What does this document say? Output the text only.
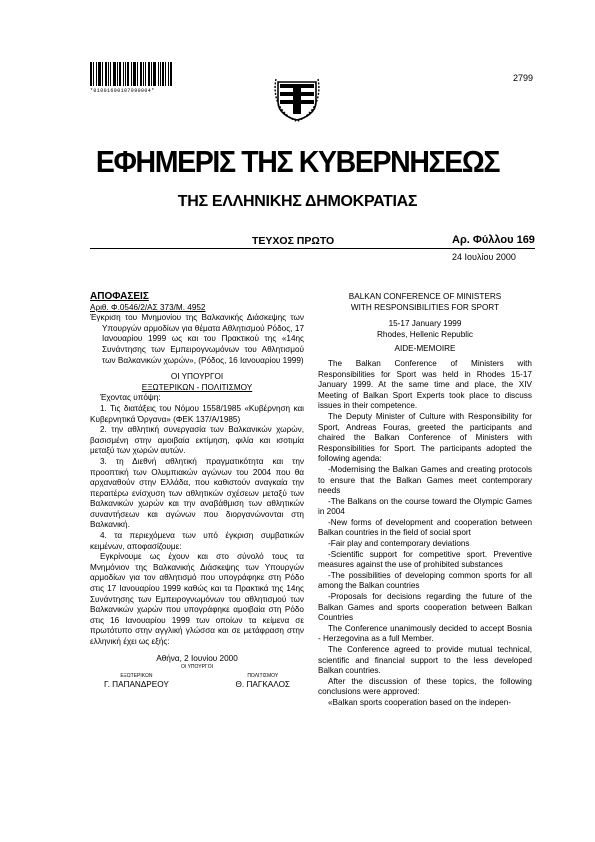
*01001690107990004*
2799
ΕΦΗΜΕΡΙΣ ΤΗΣ ΚΥΒΕΡΝΗΣΕΩΣ
ΤΗΣ ΕΛΛΗΝΙΚΗΣ ΔΗΜΟΚΡΑΤΙΑΣ
ΤΕΥΧΟΣ ΠΡΩΤΟ	Αρ. Φύλλου 169
24 Ιουλίου 2000

ΑΠΟΦΑΣΕΙΣ

Αριθ. Φ.0546/2/ΑΣ 373/Μ. 4952

Έγκριση του Μνημονίου της Βαλκανικής Διάσκεψης των Υπουργών αρμοδίων για θέματα Αθλητισμού Ρόδος, 17 Ιανουαρίου 1999 ως και του Πρακτικού της «14ης Συνάντησης των Εμπειρογνωμόνων του Αθλητισμού των Βαλκανικών χωρών», (Ρόδος, 16 Ιανουαρίου 1999)

ΟΙ ΥΠΟΥΡΓΟΙ

ΕΞΩΤΕΡΙΚΩΝ - ΠΟΛΙΤΙΣΜΟΥ

Έχοντας υπόψη:

1. Τις διατάξεις του Νόμου 1558/1985 «Κυβέρνηση και Κυβερνητικά Όργανα» (ΦΕΚ 137/Α/1985)

2. την αθλητική συνεργασία των Βαλκανικών χωρών, βασισμένη στην αμοιβαία εκτίμηση, φιλία και ισοτιμία μεταξύ των χωρών αυτών.

3. τη Διεθνή αθλητική πραγματικότητα και την προοπτική των Ολυμπιακών αγώνων του 2004 που θα αρχαναθούν στην Ελλάδα, που καθιστούν αναγκαία την περαιτέρω ενίσχυση των αθλητικών σχέσεων μεταξύ των Βαλκανικών χωρών και την αναβάθμιση των αθλητικών συναντήσεων και αγώνων που διοργανώνονται στη Βαλκανική.

4. τα περιεχόμενα των υπό έγκριση συμβατικών κειμένων, αποφασίζουμε:

Εγκρίνουμε ως έχουν και στο σύνολό τους τα Μνημόνιον της Βαλκανικής Διάσκεψης των Υπουργών αρμοδίων για τον αθλητισμό που υπογράφηκε στη Ρόδο στις 17 Ιανουαρίου 1999 καθώς και τα Πρακτικά της 14ης Συνάντησης των Εμπειρογνωμόνων του αθλητισμού των Βαλκανικών χωρών που υπογράφηκε αμοιβαία στη Ρόδο στις 16 Ιανουαρίου 1999 των οποίων τα κείμενα σε πρωτότυπο στην αγγλική γλώσσα και σε μετάφραση στην ελληνική έχει ως εξής:

Αθήνα, 2 Ιουνίου 2000

ΟΙ ΥΠΟΥΡΓΟΙ

ΕΞΩΤΕΡΙΚΩΝ
Γ. ΠΑΠΑΝΔΡΕΟΥ
ΠΟΛΙΤΙΣΜΟΥ
Θ. ΠΑΓΚΑΛΟΣ

BALKAN CONFERENCE OF MINISTERS

WITH RESPONSIBILITIES FOR SPORT

15-17 January 1999

Rhodes, Hellenic Republic

AIDE-MEMOIRE

The Balkan Conference of Ministers with Responsibilities for Sport was held in Rhodes 15-17 January 1999. At the same time and place, the XIV Meeting of Balkan Sport Experts took place to discuss issues in their competence.

The Deputy Minister of Culture with Responsibility for Sport, Andreas Fouras, greeted the participants and chaired the Balkan Conference of Ministers with Responsibilities for Sport. The participants adopted the following agenda:

-Modernising the Balkan Games and creating protocols to ensure that the Balkan Games meet contemporary needs

-The Balkans on the course toward the Olympic Games in 2004

-New forms of development and cooperation between Balkan countries in the field of social sport

-Fair play and contemporary deviations

-Scientific support for competitive sport. Preventive measures against the use of prohibited substances

-The possibilities of developing common sports for all among the Balkan countries

-Proposals for decisions regarding the future of the Balkan Games and sports cooperation between Balkan Countries

The Conference unanimously decided to accept Bosnia - Herzegovina as a full Member.

The Conference agreed to provide mutual technical, scientific and financial support to the less developed Balkan countries.

After the discussion of these topics, the following conclusions were approved:

«Balkan sports cooperation based on the indepen-
